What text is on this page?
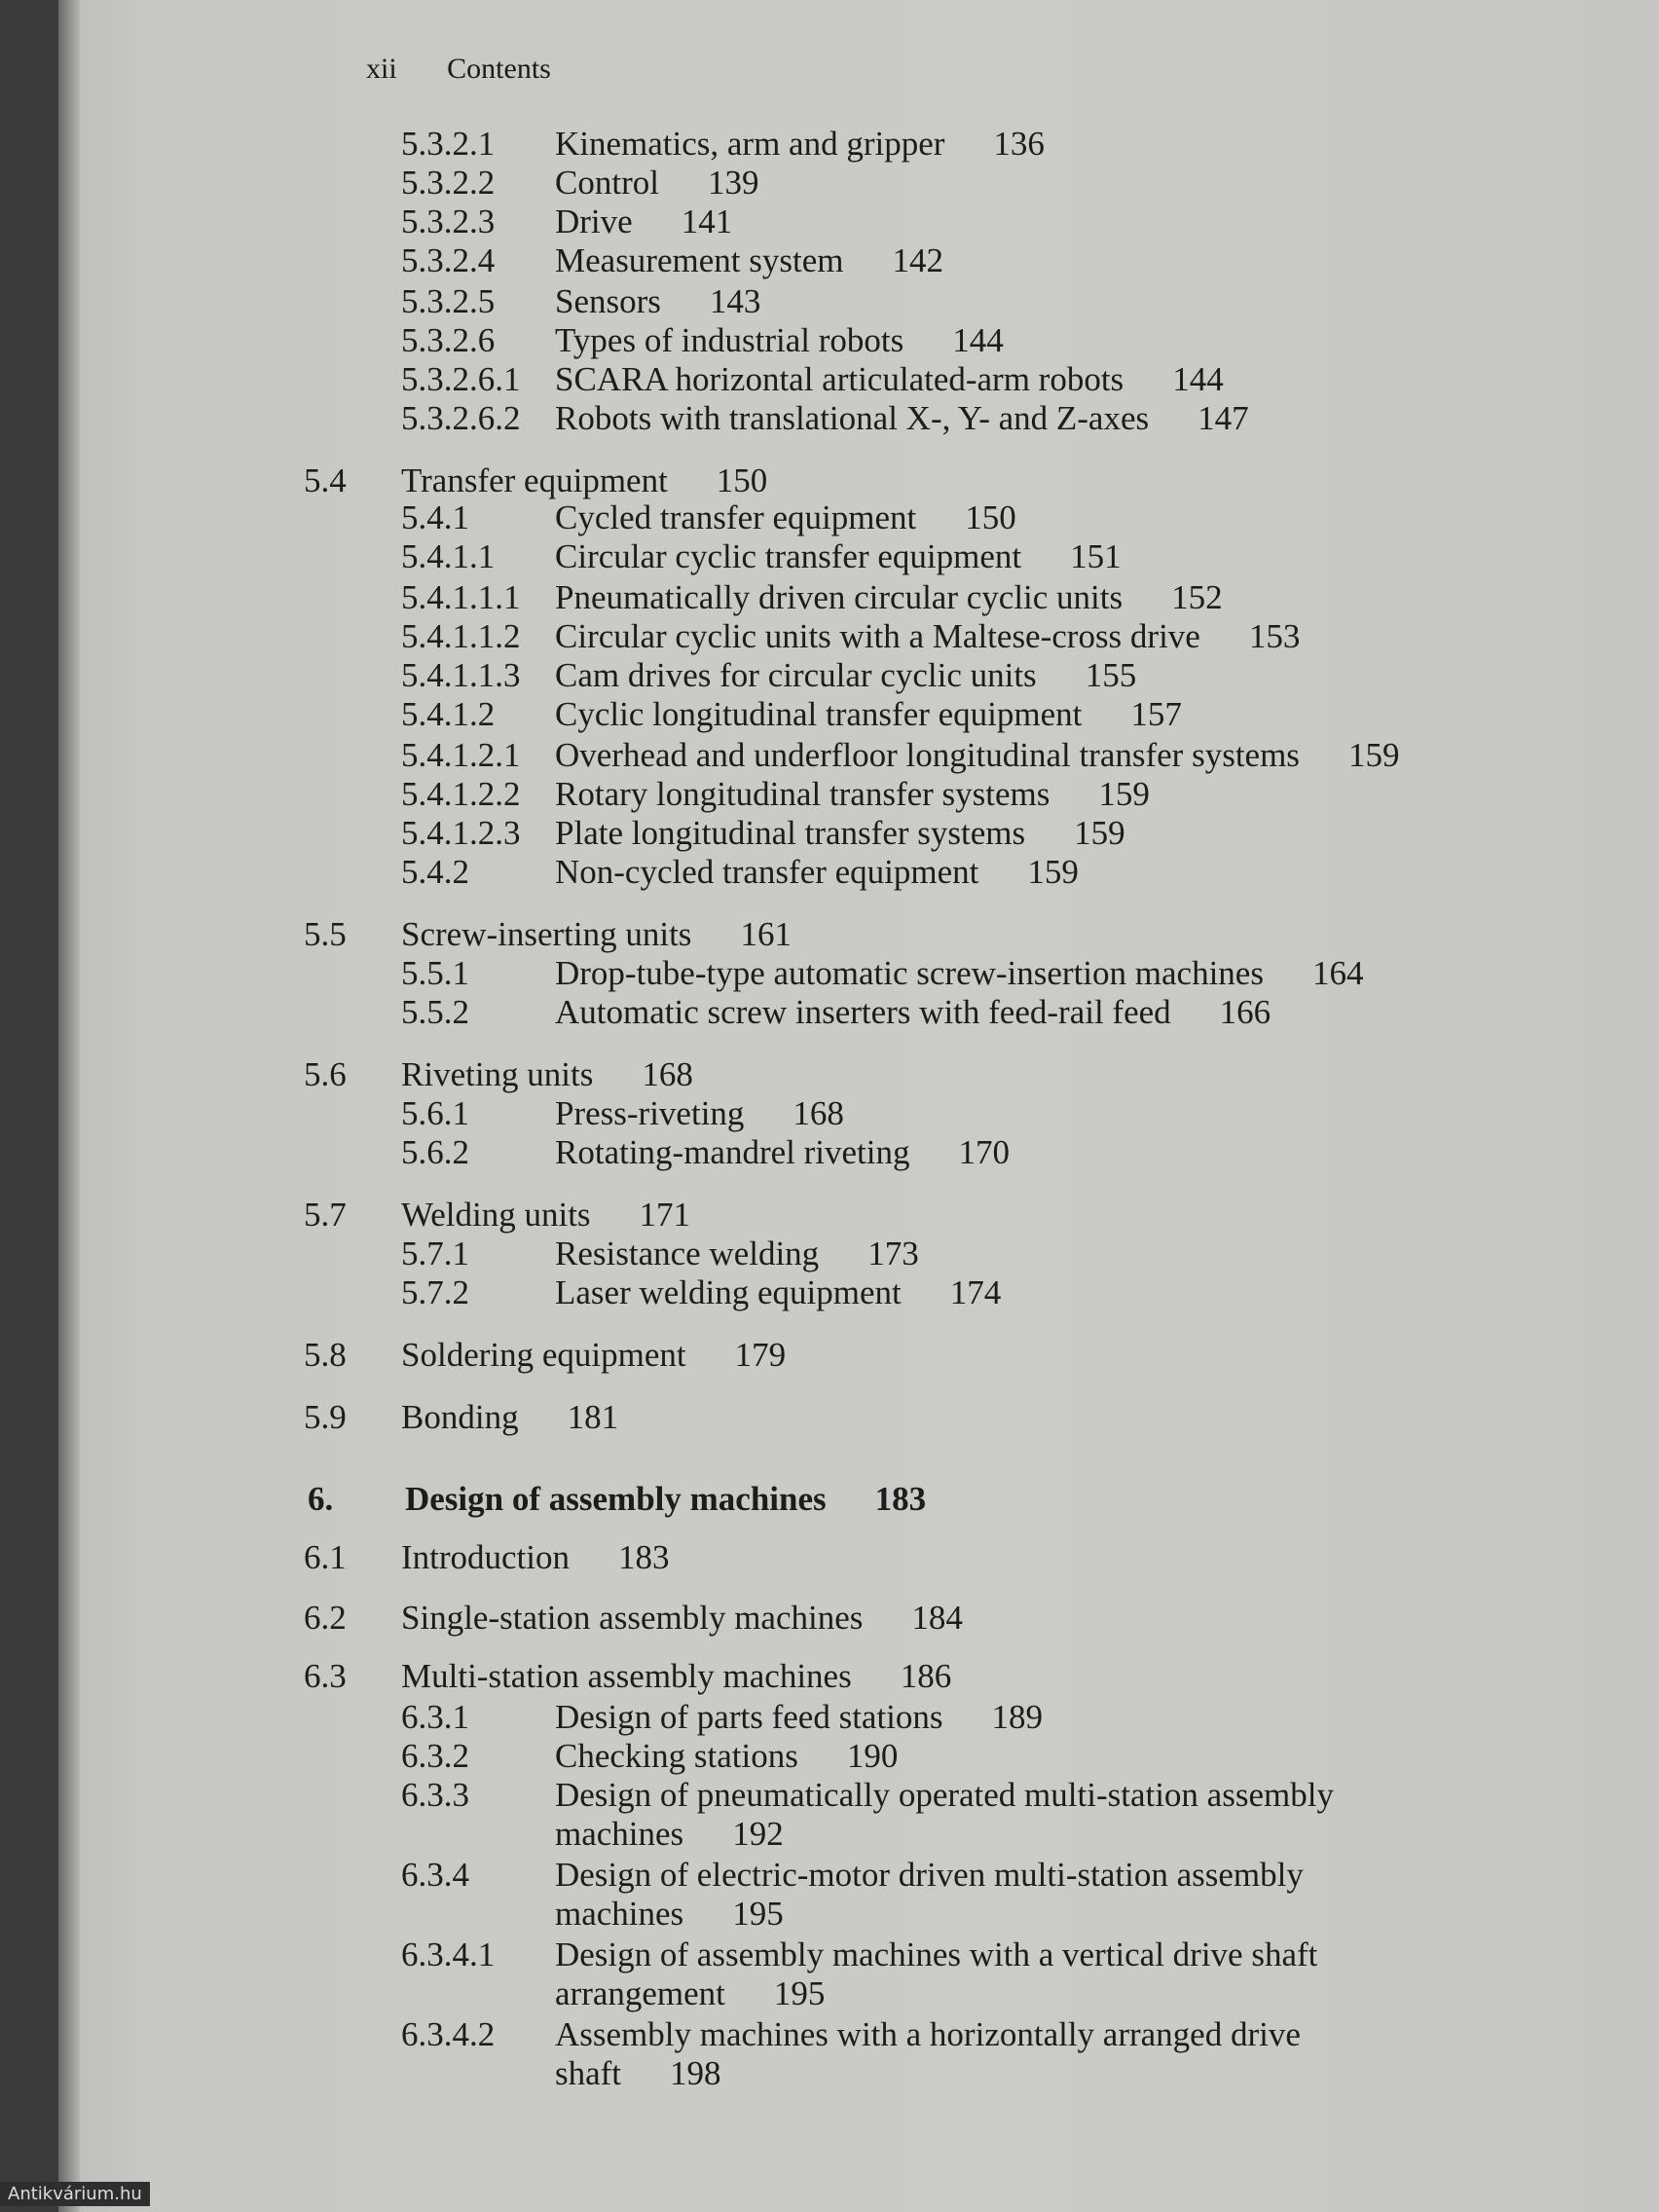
xii Contents
5.3.2.1 Kinematics, arm and gripper 136
5.3.2.2 Control 139
5.3.2.3 Drive 141
5.3.2.4 Measurement system 142
5.3.2.5 Sensors 143
5.3.2.6 Types of industrial robots 144
5.3.2.6.1 SCARA horizontal articulated-arm robots 144
5.3.2.6.2 Robots with translational X-, Y- and Z-axes 147
5.4 Transfer equipment 150
5.4.1	Cycled transfer equipment 150
5.4.1.1 Circular cyclic transfer equipment 151
5.4.1.1.1 Pneumatically driven circular cyclic units 152
5.4.1.1.2 Circular cyclic units with a Maltese-cross drive 153
5.4.1.1.3 Cam drives for circular cyclic units 155
5.4.1.2 Cyclic longitudinal transfer equipment 157
5.4.1.2.1 Overhead and underfloor longitudinal transfer systems 159
5.4.1.2.2 Rotary longitudinal transfer systems 159
5.4.1.2.3 Plate longitudinal transfer systems 159
5.4.2	Non-cycled transfer equipment 159
5.5 Screw-inserting units 161
5.5.1	Drop-tube-type automatic screw-insertion machines 164
5.5.2	Automatic screw inserters with feed-rail feed 166
5.6 Riveting units 168
5.6.1	Press-riveting 168
5.6.2	Rotating-mandrel riveting 170
5.7 Welding units 171
5.7.1	Resistance welding 173
5.7.2	Laser welding equipment 174
5.8 Soldering equipment 179
5.9 Bonding 181
6. Design of assembly machines 183
6.1 Introduction 183
6.2 Single-station assembly machines 184
6.3 Multi-station assembly machines 186
6.3.1	Design of parts feed stations 189
6.3.2	Checking stations 190
6.3.3	Design of pneumatically operated multi-station assembly
machines 192
6.3.4	Design of electric-motor driven multi-station assembly
machines 195
6.3.4.1 Design of assembly machines with a vertical drive shaft
arrangement 195
6.3.4.2 Assembly machines with a horizontally arranged drive
shaft 198
Antikvárium.hu
